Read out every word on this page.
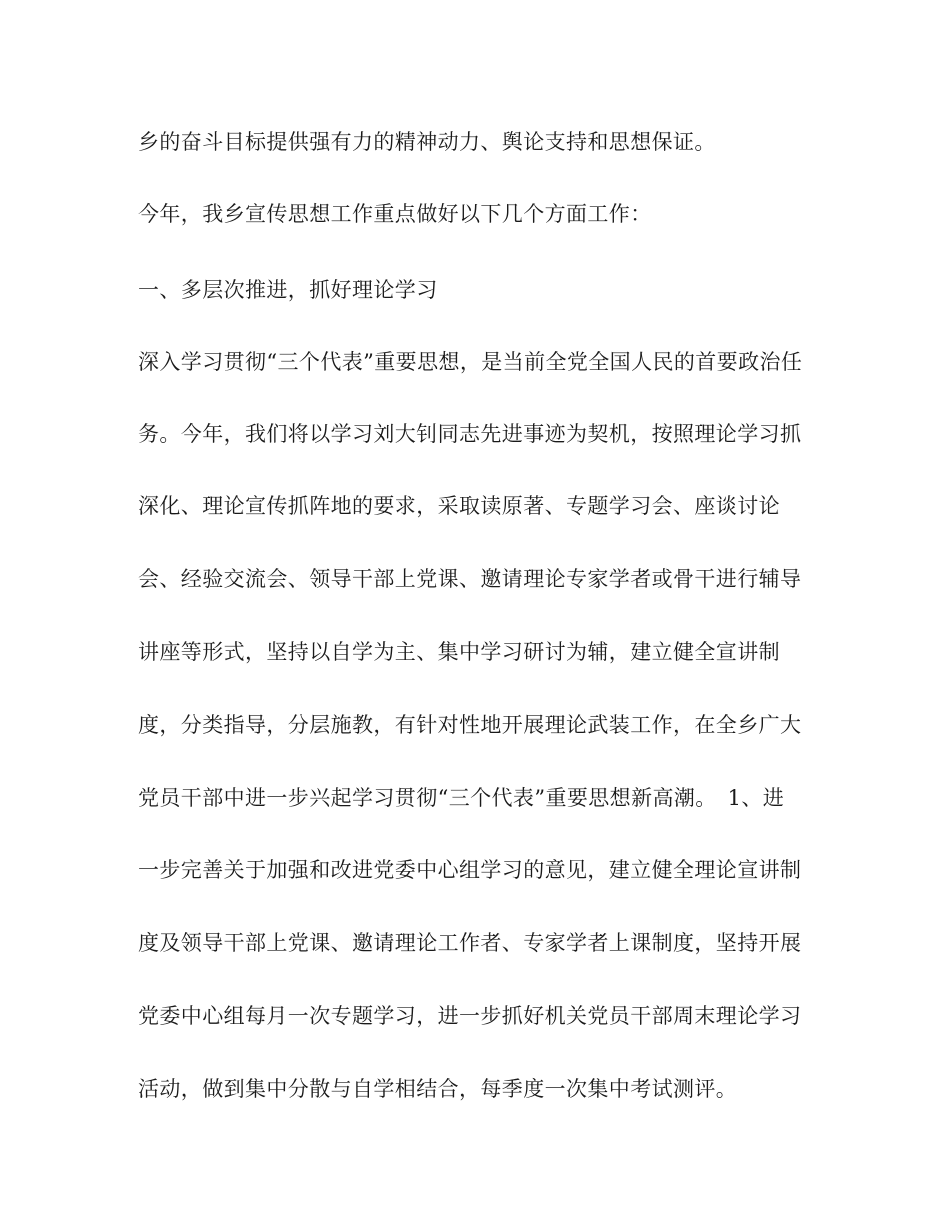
乡的奋斗目标提供强有力的精神动力、舆论支持和思想保证。
今年，我乡宣传思想工作重点做好以下几个方面工作：
一、多层次推进，抓好理论学习
深入学习贯彻“三个代表”重要思想，是当前全党全国人民的首要政治任
务。今年，我们将以学习刘大钊同志先进事迹为契机，按照理论学习抓
深化、理论宣传抓阵地的要求，采取读原著、专题学习会、座谈讨论
会、经验交流会、领导干部上党课、邀请理论专家学者或骨干进行辅导
讲座等形式，坚持以自学为主、集中学习研讨为辅，建立健全宣讲制
度，分类指导，分层施教，有针对性地开展理论武装工作，在全乡广大
党员干部中进一步兴起学习贯彻“三个代表”重要思想新高潮。　1、进
一步完善关于加强和改进党委中心组学习的意见，建立健全理论宣讲制
度及领导干部上党课、邀请理论工作者、专家学者上课制度，坚持开展
党委中心组每月一次专题学习，进一步抓好机关党员干部周末理论学习
活动，做到集中分散与自学相结合，每季度一次集中考试测评。
